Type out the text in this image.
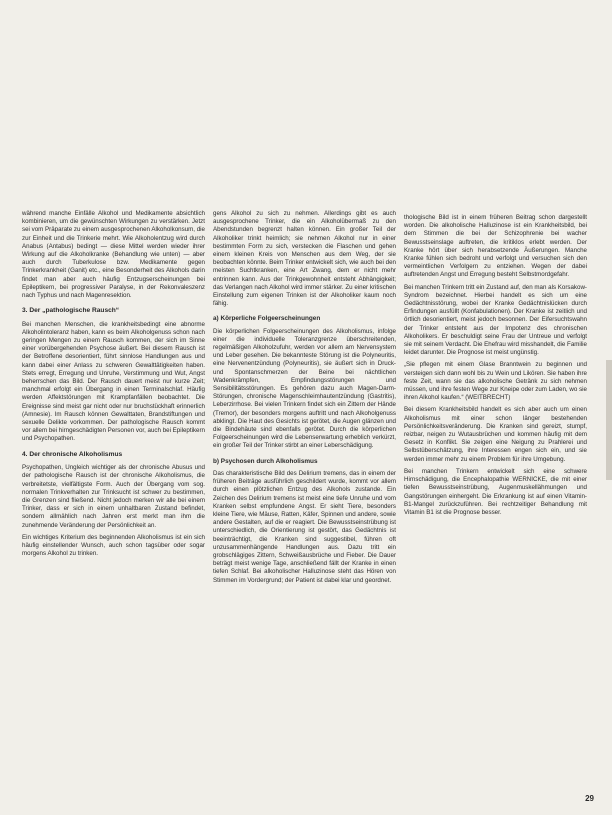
während manche Einfälle Alkohol und Medikamente absichtlich kombinieren, um die gewünschten Wirkungen zu verstärken. Jetzt sei vom Präparate zu einem ausgesprochenen Alkoholkonsum, die zur Einheit und die Trinkerie mehrt. Wie Alkoholentzug wird durch Anabus (Antabus) bedingt — diese Mittel werden wieder ihrer Wirkung auf die Alkoholkranke (Behandlung wie unten) — aber auch durch Tuberkulose bzw. Medikamente gegen Trinkerkrankheit (Ganit) etc., eine Besonderheit des Alkohols darin findet man aber auch häufig Entzugserscheinungen bei Epileptikern, bei progressiver Paralyse, in der Rekonvaleszenz nach Typhus und nach Magenresektion.

3. Der „pathologische Rausch“

Bei manchen Menschen, die krankheitsbedingt eine abnorme Alkoholintoleranz haben, kann es beim Alkoholgenuss schon nach geringen Mengen zu einem Rausch kommen, der sich im Sinne einer vorübergehenden Psychose äußert. Bei diesem Rausch ist der Betroffene desorientiert, führt sinnlose Handlungen aus und kann dabei einer Anlass zu schweren Gewalttätigkeiten haben. Stets erregt, Erregung und Unruhe, Verstimmung und Wut, Angst beherrschen das Bild. Der Rausch dauert meist nur kurze Zeit; manchmal erfolgt ein Übergang in einen Terminalschlaf. Häufig werden Affektstörungen mit Krampfanfällen beobachtet. Die Ereignisse sind meist gar nicht oder nur bruchstückhaft erinnerlich (Amnesie). Im Rausch können Gewalttaten, Brandstiftungen und sexuelle Delikte vorkommen. Der pathologische Rausch kommt vor allem bei hirngeschädigten Personen vor, auch bei Epileptikern und Psychopathen.

4. Der chronische Alkoholismus

Psychopathen, Ungleich wichtiger als der chronische Abusus und der pathologische Rausch ist der chronische Alkoholismus, die verbreitetste, vielfältigste Form. Auch der Übergang vom sog. normalen Trinkverhalten zur Trinksucht ist schwer zu bestimmen, die Grenzen sind fließend. Nicht jedoch merken wir alle bei einem Trinker, dass er sich in einem unhaltbaren Zustand befindet, sondern allmählich nach Jahren erst merkt man ihm die zunehmende Veränderung der Persönlichkeit an.

Ein wichtiges Kriterium des beginnenden Alkoholismus ist ein sich häufig einstellender Wunsch, auch schon tagsüber oder sogar morgens Alkohol zu trinken.

gens Alkohol zu sich zu nehmen. Allerdings gibt es auch ausgesprochene Trinker, die ein Alkoholübermaß zu den Abendstunden begrenzt halten können. Ein großer Teil der Alkoholiker trinkt heimlich; sie nehmen Alkohol nur in einer bestimmten Form zu sich, verstecken die Flaschen und gehen einem kleinen Kreis von Menschen aus dem Weg, der sie beobachten könnte. Beim Trinker entwickelt sich, wie auch bei den meisten Suchtkranken, eine Art Zwang, dem er nicht mehr entrinnen kann. Aus der Trinkgewohnheit entsteht Abhängigkeit; das Verlangen nach Alkohol wird immer stärker. Zu einer kritischen Einstellung zum eigenen Trinken ist der Alkoholiker kaum noch fähig.

a) Körperliche Folgeerscheinungen

Die körperlichen Folgeerscheinungen des Alkoholismus, infolge einer die individuelle Toleranzgrenze überschreitenden, regelmäßigen Alkoholzufuhr, werden vor allem am Nervensystem und Leber gesehen. Die bekannteste Störung ist die Polyneuritis, eine Nervenentzündung (Polyneuritis), sie äußert sich in Druck- und Spontanschmerzen der Beine bei nächtlichen Wadenkrämpfen, Empfindungsstörungen und Sensibilitätsstörungen. Es gehören dazu auch Magen-Darm-Störungen, chronische Magenschleimhautentzündung (Gastritis), Leberzirrhose. Bei vielen Trinkern findet sich ein Zittern der Hände (Tremor), der besonders morgens auftritt und nach Alkoholgenuss abklingt. Die Haut des Gesichts ist gerötet, die Augen glänzen und die Bindehäute sind ebenfalls gerötet. Durch die körperlichen Folgeerscheinungen wird die Lebenserwartung erheblich verkürzt, ein großer Teil der Trinker stirbt an einer Leberschädigung.

b) Psychosen durch Alkoholismus

Das charakteristische Bild des Delirium tremens, das in einem der früheren Beiträge ausführlich geschildert wurde, kommt vor allem durch einen plötzlichen Entzug des Alkohols zustande. Ein Zeichen des Delirium tremens ist meist eine tiefe Unruhe und vom Kranken selbst empfundene Angst. Er sieht Tiere, besonders kleine Tiere, wie Mäuse, Ratten, Käfer, Spinnen und andere, sowie andere Gestalten, auf die er reagiert. Die Bewusstseinstrübung ist unterschiedlich, die Orientierung ist gestört, das Gedächtnis ist beeinträchtigt, die Kranken sind suggestibel, führen oft unzusammenhängende Handlungen aus. Dazu tritt ein grobschlägiges Zittern, Schweißausbrüche und Fieber. Die Dauer beträgt meist wenige Tage, anschließend fällt der Kranke in einen tiefen Schlaf. Bei alkoholischer Halluzinose steht das Hören von Stimmen im Vordergrund; der Patient ist dabei klar und geordnet.

thologische Bild ist in einem früheren Beitrag schon dargestellt worden. Die alkoholische Halluzinose ist ein Krankheitsbild, bei dem Stimmen die bei der Schizophrenie bei wacher Bewusstseinslage auftreten, die kritiklos erlebt werden. Der Kranke hört über sich herabsetzende Äußerungen. Manche Kranke fühlen sich bedroht und verfolgt und versuchen sich den vermeintlichen Verfolgern zu entziehen. Wegen der dabei auftretenden Angst und Erregung besteht Selbstmordgefahr.

Bei manchen Trinkern tritt ein Zustand auf, den man als Korsakow-Syndrom bezeichnet. Hierbei handelt es sich um eine Gedächtnisstörung, wobei der Kranke Gedächtnislücken durch Erfindungen ausfüllt (Konfabulationen). Der Kranke ist zeitlich und örtlich desorientiert, meist jedoch besonnen. Der Eifersuchtswahn der Trinker entsteht aus der Impotenz des chronischen Alkoholikers. Er beschuldigt seine Frau der Untreue und verfolgt sie mit seinem Verdacht. Die Ehefrau wird misshandelt, die Familie leidet darunter. Die Prognose ist meist ungünstig.

„Sie pflegen mit einem Glase Branntwein zu beginnen und versteigen sich dann wohl bis zu Wein und Likören. Sie haben ihre feste Zeit, wann sie das alkoholische Getränk zu sich nehmen müssen, und ihre festen Wege zur Kneipe oder zum Laden, wo sie ihren Alkohol kaufen.“ (WEITBRECHT)

Bei diesem Krankheitsbild handelt es sich aber auch um einen Alkoholismus mit einer schon länger bestehenden Persönlichkeitsveränderung. Die Kranken sind gereizt, stumpf, reizbar, neigen zu Wutausbrüchen und kommen häufig mit dem Gesetz in Konflikt. Sie zeigen eine Neigung zu Prahlerei und Selbstüberschätzung, ihre Interessen engen sich ein, und sie werden immer mehr zu einem Problem für ihre Umgebung.

Bei manchen Trinkern entwickelt sich eine schwere Hirnschädigung, die Encephalopathie WERNICKE, die mit einer tiefen Bewusstseinstrübung, Augenmuskellähmungen und Gangstörungen einhergeht. Die Erkrankung ist auf einen Vitamin-B1-Mangel zurückzuführen. Bei rechtzeitiger Behandlung mit Vitamin B1 ist die Prognose besser.

29
